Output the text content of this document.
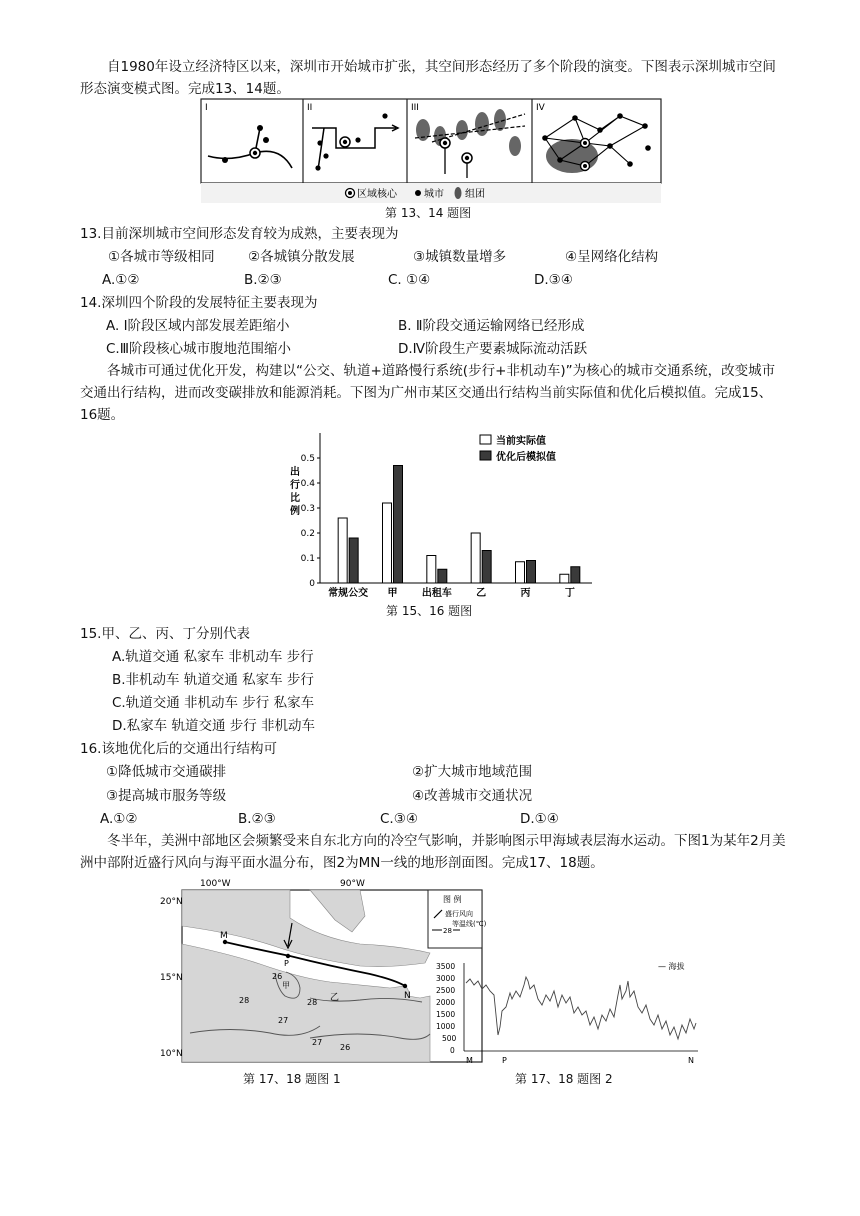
自1980年设立经济特区以来，深圳市开始城市扩张，其空间形态经历了多个阶段的演变。下图表示深圳城市空间形态演变模式图。完成13、14题。
I	II	III	IV
区域核心	城市 组团
第 13、14 题图
13.目前深圳城市空间形态发育较为成熟，主要表现为
①各城市等级相同 ②各城镇分散发展	③城镇数量增多	④呈网络化结构
A.①②	B.②③	C. ①④	D.③④
14.深圳四个阶段的发展特征主要表现为
A. Ⅰ阶段区域内部发展差距缩小	B. Ⅱ阶段交通运输网络已经形成
C.Ⅲ阶段核心城市腹地范围缩小	D.Ⅳ阶段生产要素城际流动活跃
各城市可通过优化开发，构建以“公交、轨道+道路慢行系统(步行+非机动车)”为核心的城市交通系统，改变城市交通出行结构，进而改变碳排放和能源消耗。下图为广州市某区交通出行结构当前实际值和优化后模拟值。完成15、16题。
0
0.1
0.2
0.3
0.4
0.5
出
行
比
例
常规公交 甲 出租车 乙	丙	丁
当前实际值
优化后模拟值
第 15、16 题图
15.甲、乙、丙、丁分别代表
A.轨道交通 私家车 非机动车 步行
B.非机动车 轨道交通 私家车 步行
C.轨道交通 非机动车 步行 私家车
D.私家车 轨道交通 步行 非机动车
16.该地优化后的交通出行结构可
①降低城市交通碳排	②扩大城市地域范围
③提高城市服务等级	④改善城市交通状况
A.①②	B.②③	C.③④	D.①④
冬半年，美洲中部地区会频繁受来自东北方向的冷空气影响，并影响图示甲海域表层海水运动。下图1为某年2月美洲中部附近盛行风向与海平面水温分布，图2为MN一线的地形剖面图。完成17、18题。
100°W	90°W
20°N
15°N
10°N
M
P
N
甲
乙
26
28
27
28
27
26
图 例
盛行风向
28
等温线(℃)
第 17、18 题图 1
3500
3000
2500
2000
1500
1000
500
0
— 海拔
M	P	N
第 17、18 题图 2
